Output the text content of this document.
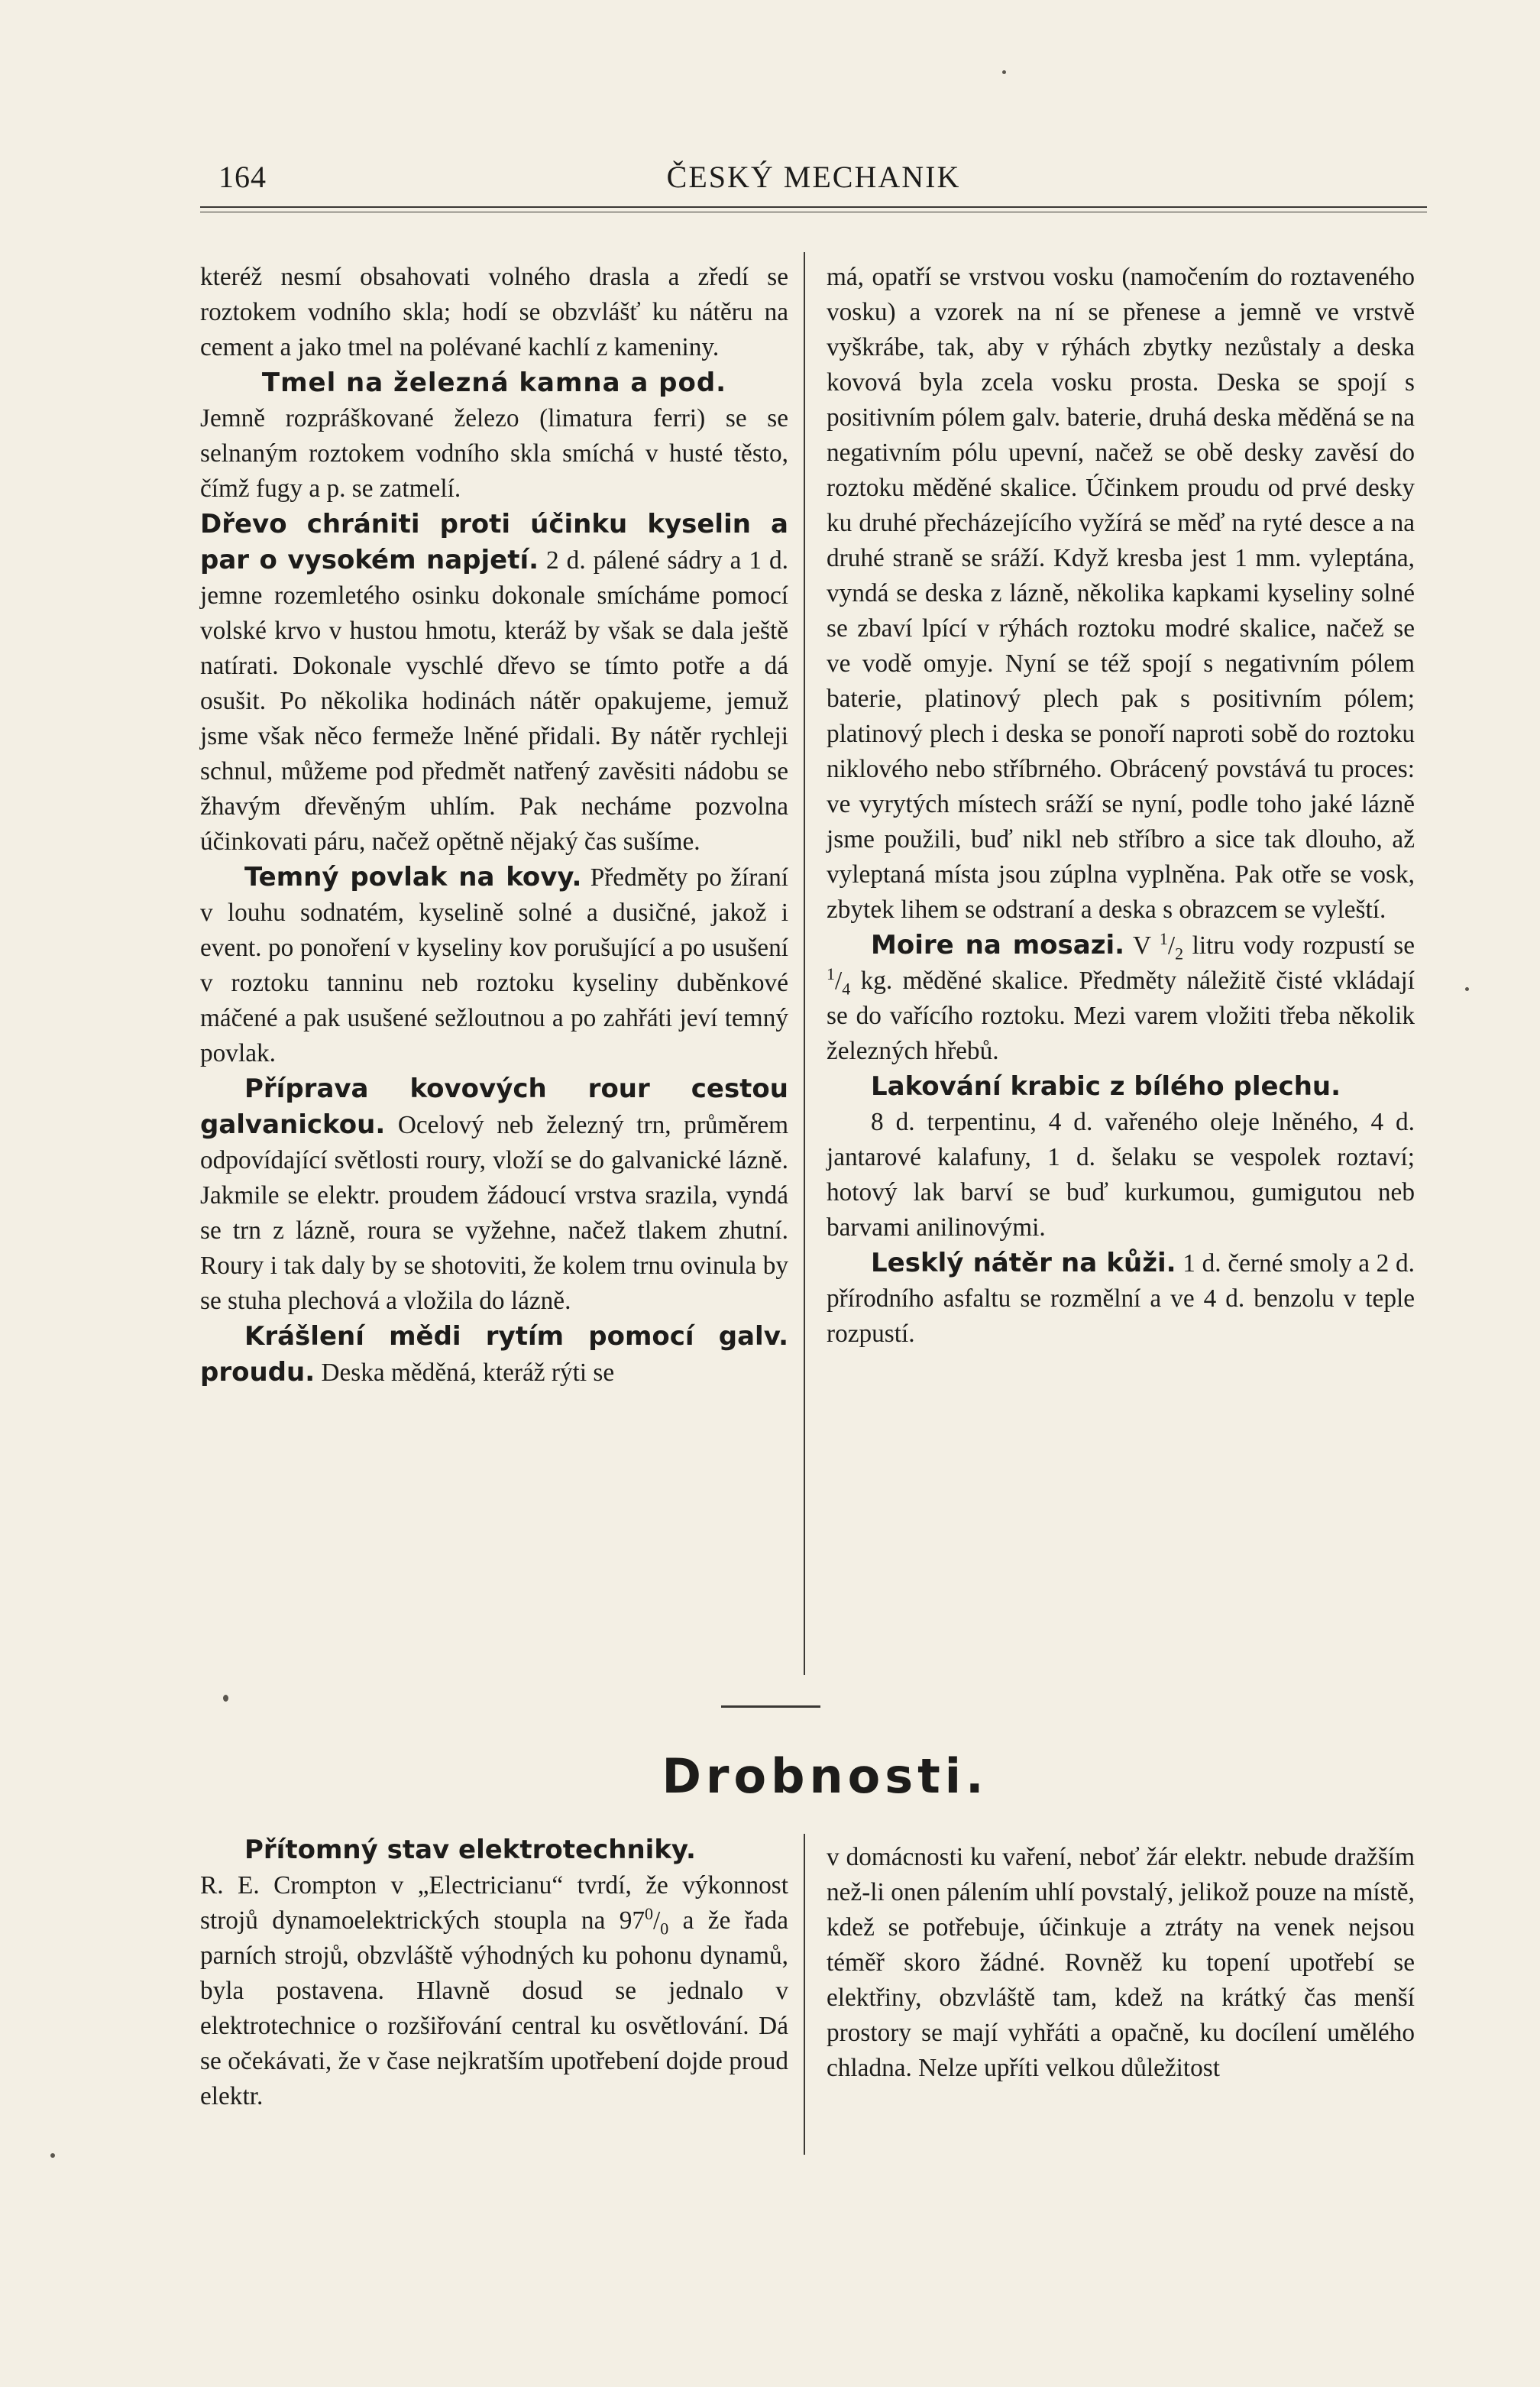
164	ČESKÝ MECHANIK

kteréž nesmí obsahovati volného drasla a zředí se roztokem vodního skla; hodí se obzvlášť ku nátěru na cement a jako tmel na polévané kachlí z kameniny.

Tmel na železná kamna a pod.

Jemně rozpráškované železo (limatura ferri) se se selnaným roztokem vodního skla smíchá v husté těsto, čímž fugy a p. se zatmelí.

Dřevo chrániti proti účinku kyselin a par o vysokém napjetí. 2 d. pálené sádry a 1 d. jemne rozemletého osinku dokonale smícháme pomocí volské krvo v hustou hmotu, kteráž by však se dala ještě natírati. Dokonale vyschlé dřevo se tímto potře a dá osušit. Po několika hodinách nátěr opakujeme, jemuž jsme však něco fermeže lněné přidali. By nátěr rychleji schnul, můžeme pod předmět natřený zavěsiti nádobu se žhavým dřevěným uhlím. Pak necháme pozvolna účinkovati páru, načež opětně nějaký čas sušíme.

Temný povlak na kovy. Předměty po žíraní v louhu sodnatém, kyselině solné a dusičné, jakož i event. po ponoření v kyseliny kov porušující a po usušení v roztoku tanninu neb roztoku kyseliny duběnkové máčené a pak usušené sežloutnou a po zahřáti jeví temný povlak.

Příprava kovových rour cestou galvanickou. Ocelový neb železný trn, průměrem odpovídající světlosti roury, vloží se do galvanické lázně. Jakmile se elektr. proudem žádoucí vrstva srazila, vyndá se trn z lázně, roura se vyžehne, načež tlakem zhutní. Roury i tak daly by se shotoviti, že kolem trnu ovinula by se stuha plechová a vložila do lázně.

Krášlení mědi rytím pomocí galv. proudu. Deska měděná, kteráž rýti se

má, opatří se vrstvou vosku (namočením do roztaveného vosku) a vzorek na ní se přenese a jemně ve vrstvě vyškrábe, tak, aby v rýhách zbytky nezůstaly a deska kovová byla zcela vosku prosta. Deska se spojí s positivním pólem galv. baterie, druhá deska měděná se na negativním pólu upevní, načež se obě desky zavěsí do roztoku měděné skalice. Účinkem proudu od prvé desky ku druhé přecházejícího vyžírá se měď na ryté desce a na druhé straně se sráží. Když kresba jest 1 mm. vyleptána, vyndá se deska z lázně, několika kapkami kyseliny solné se zbaví lpící v rýhách roztoku modré skalice, načež se ve vodě omyje. Nyní se též spojí s negativním pólem baterie, platinový plech pak s positivním pólem; platinový plech i deska se ponoří naproti sobě do roztoku niklového nebo stříbrného. Obrácený povstává tu proces: ve vyrytých místech sráží se nyní, podle toho jaké lázně jsme použili, buď nikl neb stříbro a sice tak dlouho, až vyleptaná místa jsou zúplna vyplněna. Pak otře se vosk, zbytek lihem se odstraní a deska s obrazcem se vyleští.

Moire na mosazi. V $^1/_2$ litru vody rozpustí se $^1/_4$ kg. měděné skalice. Předměty náležitě čisté vkládají se do vařícího roztoku. Mezi varem vložiti třeba několik železných hřebů.

Lakování krabic z bílého plechu.

8 d. terpentinu, 4 d. vařeného oleje lněného, 4 d. jantarové kalafuny, 1 d. šelaku se vespolek roztaví; hotový lak barví se buď kurkumou, gumigutou neb barvami anilinovými.

Lesklý nátěr na kůži. 1 d. černé smoly a 2 d. přírodního asfaltu se rozmělní a ve 4 d. benzolu v teple rozpustí.

Drobnosti.

Přítomný stav elektrotechniky.

R. E. Crompton v „Electricianu“ tvrdí, že výkonnost strojů dynamoelektrických stoupla na $97^0/_0$ a že řada parních strojů, obzvláště výhodných ku pohonu dynamů, byla postavena. Hlavně dosud se jednalo v elektrotechnice o rozšiřování central ku osvětlování. Dá se očekávati, že v čase nejkratším upotřebení dojde proud elektr.

v domácnosti ku vaření, neboť žár elektr. nebude dražším než-li onen pálením uhlí povstalý, jelikož pouze na místě, kdež se potřebuje, účinkuje a ztráty na venek nejsou téměř skoro žádné. Rovněž ku topení upotřebí se elektřiny, obzvláště tam, kdež na krátký čas menší prostory se mají vyhřáti a opačně, ku docílení umělého chladna. Nelze upříti velkou důležitost
